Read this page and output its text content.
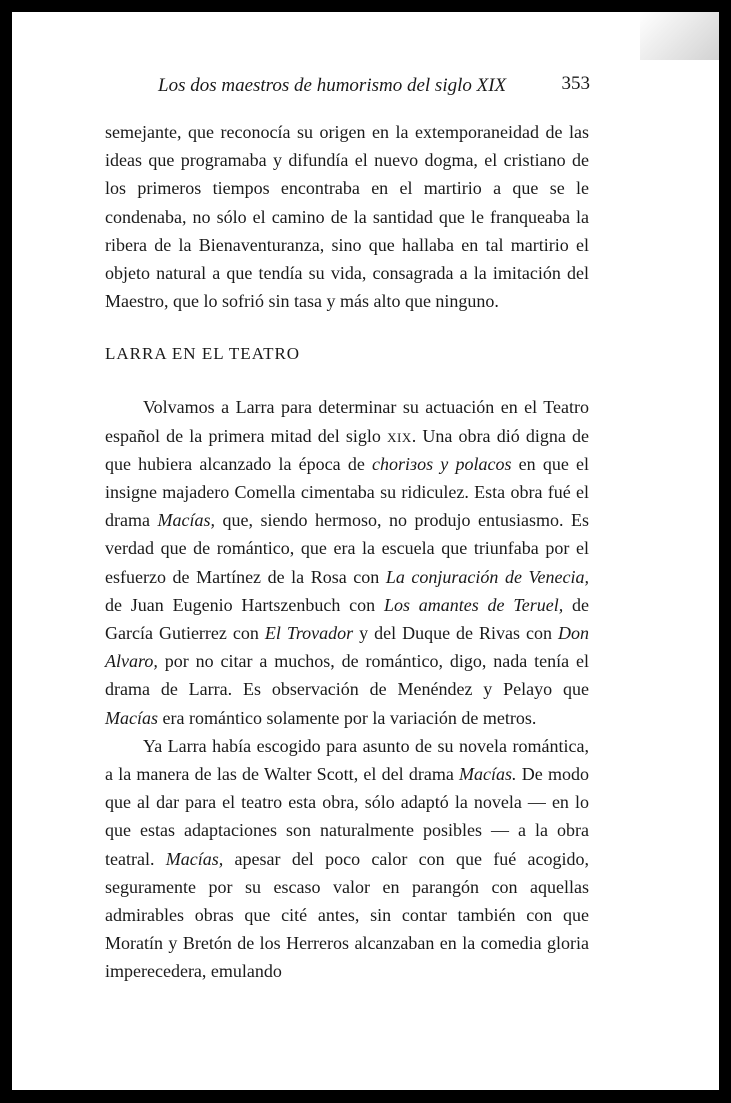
Los dos maestros de humorismo del siglo XIX	353

semejante, que reconocía su origen en la extemporaneidad de las ideas que programaba y difundía el nuevo dogma, el cristiano de los primeros tiempos encontraba en el martirio a que se le condenaba, no sólo el camino de la santidad que le franqueaba la ribera de la Bienaventuranza, sino que hallaba en tal martirio el objeto natural a que tendía su vida, consagrada a la imitación del Maestro, que lo sofrió sin tasa y más alto que ninguno.

LARRA EN EL TEATRO

Volvamos a Larra para determinar su actuación en el Teatro español de la primera mitad del siglo xix. Una obra dió digna de que hubiera alcanzado la época de choriзos y polacos en que el insigne majadero Comella cimentaba su ridiculez. Esta obra fué el drama Macías, que, siendo hermoso, no produjo entusiasmo. Es verdad que de romántico, que era la escuela que triunfaba por el esfuerzo de Martínez de la Rosa con La conjuración de Venecia, de Juan Eugenio Hartszenbuch con Los amantes de Teruel, de García Gutierrez con El Trovador y del Duque de Rivas con Don Alvaro, por no citar a muchos, de romántico, digo, nada tenía el drama de Larra. Es observación de Menéndez y Pelayo que Macías era romántico solamente por la variación de metros.

Ya Larra había escogido para asunto de su novela romántica, a la manera de las de Walter Scott, el del drama Macías. De modo que al dar para el teatro esta obra, sólo adaptó la novela — en lo que estas adaptaciones son naturalmente posibles — a la obra teatral. Macías, apesar del poco calor con que fué acogido, seguramente por su escaso valor en parangón con aquellas admirables obras que cité antes, sin contar también con que Moratín y Bretón de los Herreros alcanzaban en la comedia gloria imperecedera, emulando
